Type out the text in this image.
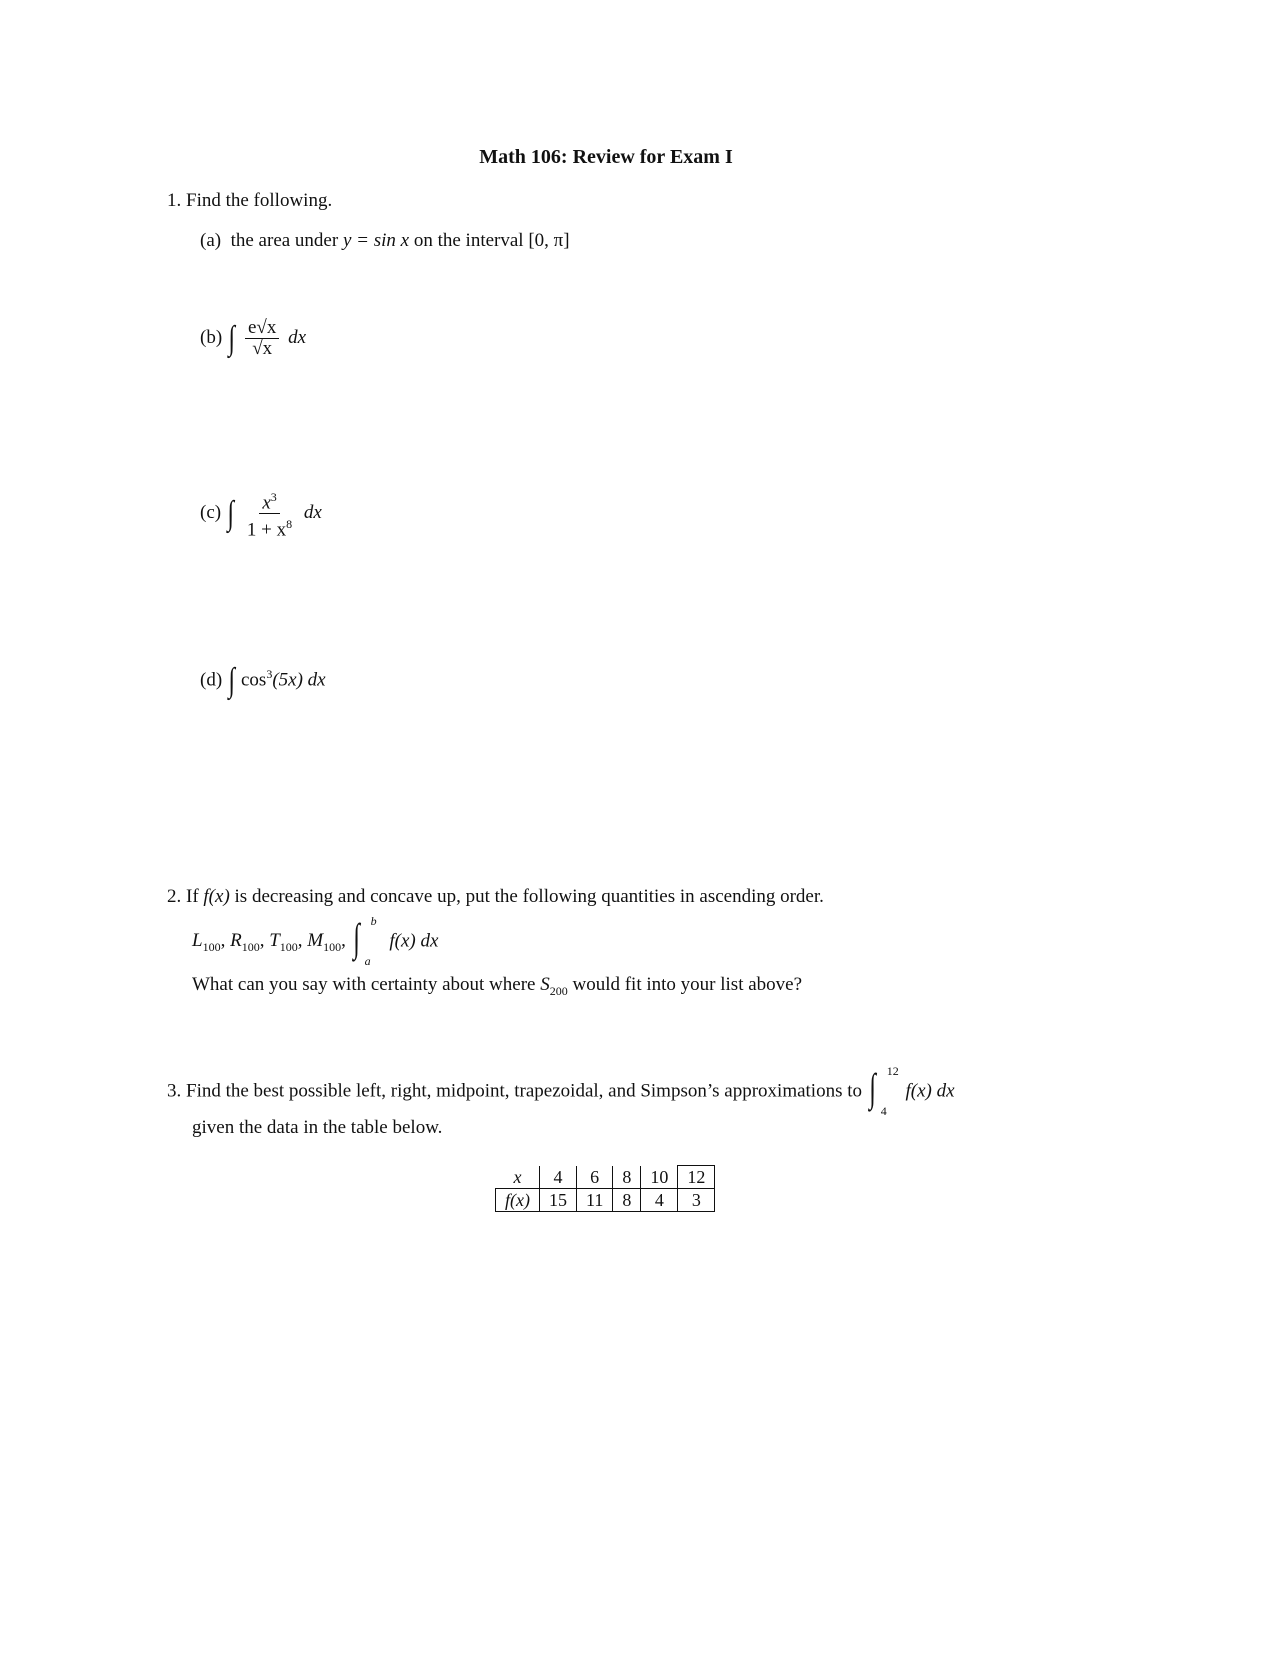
Math 106: Review for Exam I
1. Find the following.
(a) the area under y = sin x on the interval [0, π]
(b) ∫ $\frac{e√x}{√x}$ dx
(c) ∫ $\frac{x^3}{1 + x^8}$ dx
(d) ∫ $\cos^3(5x)$ dx
2. If f(x) is decreasing and concave up, put the following quantities in ascending order.
$L_{100}$, $R_{100}$, $T_{100}$, $M_{100}$, ∫ b
a
f(x) dx
What can you say with certainty about where $S_{200}$ would fit into your list above?
3. Find the best possible left, right, midpoint, trapezoidal, and Simpson’s approximations to ∫ 12
4
f(x) dx
given the data in the table below.
x	4	6	8	10	12
f(x)	15	11	8	4	3
